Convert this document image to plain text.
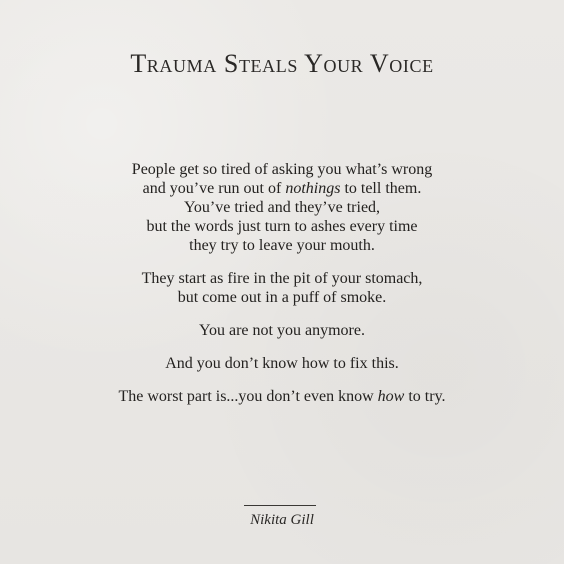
Trauma Steals Your Voice
People get so tired of asking you what’s wrong
and you’ve run out of nothings to tell them.
You’ve tried and they’ve tried,
but the words just turn to ashes every time
they try to leave your mouth.
They start as fire in the pit of your stomach,
but come out in a puff of smoke.
You are not you anymore.
And you don’t know how to fix this.
The worst part is...you don’t even know how to try.
Nikita Gill
